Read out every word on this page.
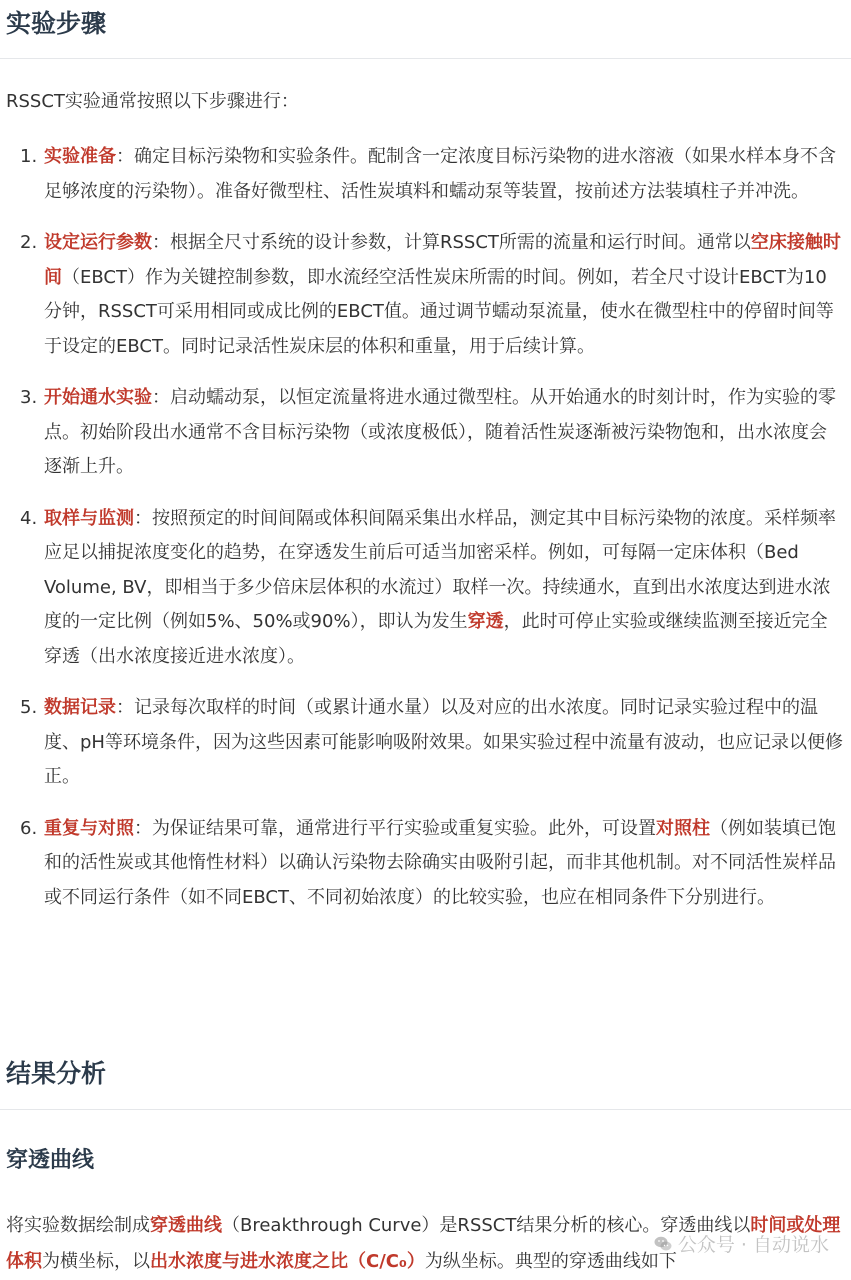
实验步骤

RSSCT实验通常按照以下步骤进行：

1. 实验准备：确定目标污染物和实验条件。配制含一定浓度目标污染物的进水溶液（如果水样本身不含足够浓度的污染物）。准备好微型柱、活性炭填料和蠕动泵等装置，按前述方法装填柱子并冲洗。
2. 设定运行参数：根据全尺寸系统的设计参数，计算RSSCT所需的流量和运行时间。通常以空床接触时间（EBCT）作为关键控制参数，即水流经空活性炭床所需的时间。例如，若全尺寸设计EBCT为10分钟，RSSCT可采用相同或成比例的EBCT值。通过调节蠕动泵流量，使水在微型柱中的停留时间等于设定的EBCT。同时记录活性炭床层的体积和重量，用于后续计算。
3. 开始通水实验：启动蠕动泵，以恒定流量将进水通过微型柱。从开始通水的时刻计时，作为实验的零点。初始阶段出水通常不含目标污染物（或浓度极低），随着活性炭逐渐被污染物饱和，出水浓度会逐渐上升。
4. 取样与监测：按照预定的时间间隔或体积间隔采集出水样品，测定其中目标污染物的浓度。采样频率应足以捕捉浓度变化的趋势，在穿透发生前后可适当加密采样。例如，可每隔一定床体积（Bed Volume, BV，即相当于多少倍床层体积的水流过）取样一次。持续通水，直到出水浓度达到进水浓度的一定比例（例如5%、50%或90%），即认为发生穿透，此时可停止实验或继续监测至接近完全穿透（出水浓度接近进水浓度）。
5. 数据记录：记录每次取样的时间（或累计通水量）以及对应的出水浓度。同时记录实验过程中的温度、pH等环境条件，因为这些因素可能影响吸附效果。如果实验过程中流量有波动，也应记录以便修正。
6. 重复与对照：为保证结果可靠，通常进行平行实验或重复实验。此外，可设置对照柱（例如装填已饱和的活性炭或其他惰性材料）以确认污染物去除确实由吸附引起，而非其他机制。对不同活性炭样品或不同运行条件（如不同EBCT、不同初始浓度）的比较实验，也应在相同条件下分别进行。
结果分析
穿透曲线

将实验数据绘制成穿透曲线（Breakthrough Curve）是RSSCT结果分析的核心。穿透曲线以时间或处理体积为横坐标，以出水浓度与进水浓度之比（C/C₀）为纵坐标。典型的穿透曲线如下

公众号 · 自动说水
